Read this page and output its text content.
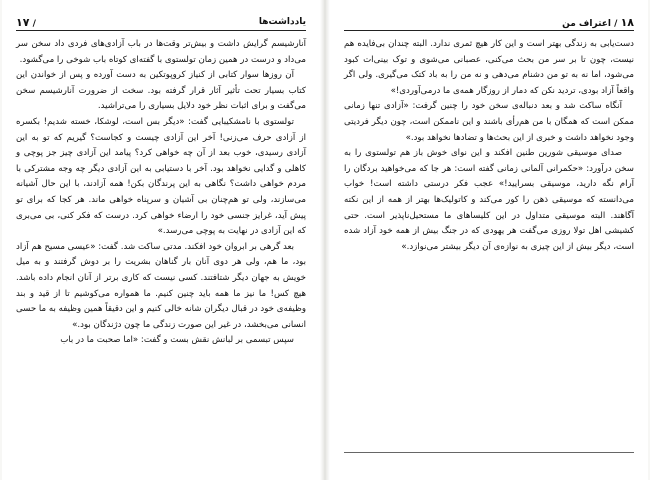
یادداشت‌ها
/ ۱۷

آنارشیسم گرایش داشت و بیش‌تر وقت‌ها در باب آزادی‌های فردی داد سخن سر می‌داد و درست در همین زمان تولستوی با گفته‌ای کوتاه باب شوخی را می‌گشود.

آن روز‌ها سوار کتابی از کنیاز کروپوتکین به دست آورده و پس از خواندن این کتاب بسیار تحت تأثیر آثار قرار گرفته بود. سخت از ضرورت آنارشیسم سخن می‌گفت و برای اثبات نظر خود دلایل بسیاری را می‌تراشید.

تولستوی با نامشکیبایی گفت: «دیگر بس است، لوشکا، خسته شدیم! بکسره از آزادی حرف می‌زنی! آخر این آزادی چیست و کجاست؟ گیریم که تو به این آزادی رسیدی، خوب بعد از آن چه خواهی کرد؟ پیامد این آزادی چیز جز پوچی و کاهلی و گدایی نخواهد بود. آخر با دستیابی به این آزادی دیگر چه وجه مشترکی با مردم خواهی داشت؟ نگاهی به این پرندگان بکن! همه آزادند، با این حال آشیانه می‌سازند، ولی تو هم‌چنان بی آشیان و سرپناه خواهی ماند. هر کجا که برای تو پیش آید، غرایز جنسی خود را ارضاء خواهی کرد. درست که فکر کنی، بی می‌بری که این آزادی در نهایت به پوچی می‌رسد.»

بعد گرهی بر ابروان خود افکند. مدتی ساکت شد. گفت: «عیسی مسیح هم آزاد بود، ما هم، ولی هر دوی آنان بار گناهان بشریت را بر دوش گرفتند و به میل خویش به جهان دیگر شتافتند. کسی نیست که کاری برتر از آنان انجام داده باشد. هیچ کس! ما نیز ما همه باید چنین کنیم. ما همواره می‌کوشیم تا از قید و بند وظیفه‌ی خود در قبال دیگران شانه خالی کنیم و این دقیقاً همین وظیفه به ما حسی انسانی می‌بخشد، در غیر این صورت زندگی ما چون دژندگان بود.»

سپس تبسمی بر لبانش نقش بست و گفت: «اما صحبت ما در باب

۱۸ / اعتراف من

دست‌یابی به زندگی بهتر است و این کار هیچ ثمری ندارد. البته چندان بی‌فایده هم نیست، چون تا بر سر من بحث می‌کنی، عصبانی می‌شوی و توک بینی‌ات کبود می‌شود، اما نه به تو من دشنام می‌دهی و نه من را به باد کتک می‌گیری. ولی اگر واقعاً آزاد بودی، تردید نکن که دمار از روزگار همه‌ی ما درمی‌آوردی!»

آنگاه ساکت شد و بعد دنباله‌ی سخن خود را چنین گرفت: «آزادی تنها زمانی ممکن است که همگان با من هم‌رأی باشند و این ناممکن است، چون دیگر فردیتی وجود نخواهد داشت و خبری از این بحث‌ها و تضادها نخواهد بود.»

صدای موسیقی شورین طنین افکند و این نوای خوش باز هم تولستوی را به سخن درآورد: «حکمرانی آلمانی زمانی گفته است: هر جا که می‌خواهید بردگان را آرام نگه دارید، موسیقی بسرایید!» عجب فکر درستی داشته است! خواب می‌دانسته که موسیقی ذهن را کور می‌کند و کاتولیک‌ها بهتر از همه از این نکته آگاهند. البته موسیقی متداول در این کلیساهای ما مستحیل‌ناپذیر است. حتی کشیشی اهل تولا روزی می‌گفت هر یهودی که در جنگ بیش از همه خود آزاد شده است، دیگر بیش از این چیزی به نوازه‌ی آن دیگر بیشتر می‌نوازد.»
